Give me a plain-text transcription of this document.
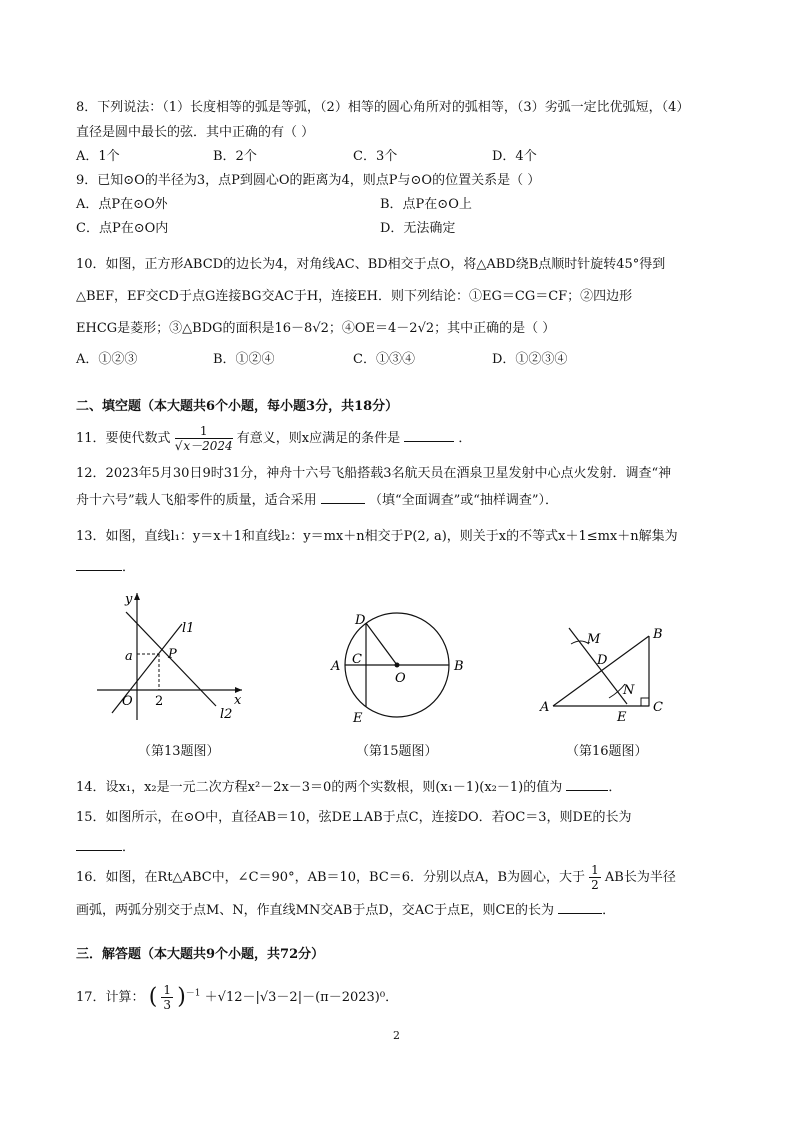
8．下列说法：（1）长度相等的弧是等弧，（2）相等的圆心角所对的弧相等，（3）劣弧一定比优弧短，（4）
直径是圆中最长的弦．其中正确的有（ ）
A．1个	B．2个	C．3个	D．4个
9．已知⊙O的半径为3，点P到圆心O的距离为4，则点P与⊙O的位置关系是（ ）
A．点P在⊙O外	B．点P在⊙O上
C．点P在⊙O内	D．无法确定
10．如图，正方形ABCD的边长为4，对角线AC、BD相交于点O，将△ABD绕B点顺时针旋转45°得到
△BEF，EF交CD于点G连接BG交AC于H，连接EH．则下列结论：①EG＝CG＝CF；②四边形
EHCG是菱形；③△BDG的面积是16－8√2；④OE＝4－2√2；其中正确的是（ ）
A．①②③	B．①②④	C．①③④	D．①②③④
二、填空题（本大题共6个小题，每小题3分，共18分）
11．要使代数式 $\frac{1}{√x-2024}$ 有意义，则x应满足的条件是	．
12．2023年5月30日9时31分，神舟十六号飞船搭载3名航天员在酒泉卫星发射中心点火发射．调查“神
舟十六号”载人飞船零件的质量，适合采用	（填“全面调查”或“抽样调查”）．
13．如图，直线l₁：y＝x＋1和直线l₂：y＝mx＋n相交于P(2, a)，则关于x的不等式x＋1≤mx＋n解集为
．
y
x
O
P
a
2
l1
l2
（第13题图）
D
C
A
O
B
E
（第15题图）
M	B
D
N
A
E
C
（第16题图）
14．设x₁，x₂是一元二次方程x²－2x－3＝0的两个实数根，则(x₁－1)(x₂－1)的值为	．
15．如图所示，在⊙O中，直径AB＝10，弦DE⊥AB于点C，连接DO．若OC＝3，则DE的长为
．
16．如图，在Rt△ABC中，∠C＝90°，AB＝10，BC＝6．分别以点A，B为圆心，大于 $\frac{1}{2}$ AB长为半径
画弧，两弧分别交于点M、N，作直线MN交AB于点D，交AC于点E，则CE的长为	．
三．解答题（本大题共9个小题，共72分）
17．计算： ( $\frac{1}{3} )^{-1} +√12-|√3-2|-(\pi-2023)^0$．
2
